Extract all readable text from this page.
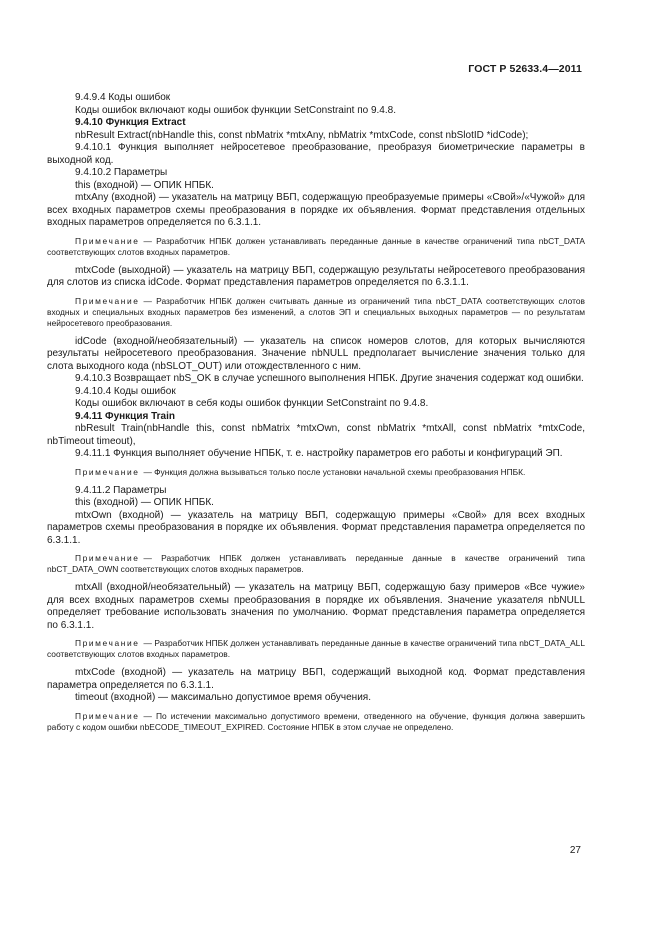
ГОСТ Р 52633.4—2011

9.4.9.4 Коды ошибок

Коды ошибок включают коды ошибок функции SetConstraint по 9.4.8.

9.4.10 Функция Extract

nbResult Extract(nbHandle this, const nbMatrix *mtxAny, nbMatrix *mtxCode, const nbSlotID *idCode);

9.4.10.1 Функция выполняет нейросетевое преобразование, преобразуя биометрические параметры в выходной код.

9.4.10.2 Параметры

this (входной) — ОПИК НПБК.

mtxAny (входной) — указатель на матрицу ВБП, содержащую преобразуемые примеры «Свой»/«Чужой» для всех входных параметров схемы преобразования в порядке их объявления. Формат представления отдельных входных параметров определяется по 6.3.1.1.

Примечание — Разработчик НПБК должен устанавливать переданные данные в качестве ограничений типа nbCT_DATA соответствующих слотов входных параметров.

mtxCode (выходной) — указатель на матрицу ВБП, содержащую результаты нейросетевого преобразования для слотов из списка idCode. Формат представления параметров определяется по 6.3.1.1.

Примечание — Разработчик НПБК должен считывать данные из ограничений типа nbCT_DATA соответствующих слотов входных и специальных входных параметров без изменений, а слотов ЭП и специальных выходных параметров — по результатам нейросетевого преобразования.

idCode (входной/необязательный) — указатель на список номеров слотов, для которых вычисляются результаты нейросетевого преобразования. Значение nbNULL предполагает вычисление значения только для слота выходного кода (nbSLOT_OUT) или отождествленного с ним.

9.4.10.3 Возвращает nbS_OK в случае успешного выполнения НПБК. Другие значения содержат код ошибки.

9.4.10.4 Коды ошибок

Коды ошибок включают в себя коды ошибок функции SetConstraint по 9.4.8.

9.4.11 Функция Train

nbResult Train(nbHandle this, const nbMatrix *mtxOwn, const nbMatrix *mtxAll, const nbMatrix *mtxCode, nbTimeout timeout),

9.4.11.1 Функция выполняет обучение НПБК, т. е. настройку параметров его работы и конфигураций ЭП.

Примечание — Функция должна вызываться только после установки начальной схемы преобразования НПБК.

9.4.11.2 Параметры

this (входной) — ОПИК НПБК.

mtxOwn (входной) — указатель на матрицу ВБП, содержащую примеры «Свой» для всех входных параметров схемы преобразования в порядке их объявления. Формат представления параметра определяется по 6.3.1.1.

Примечание — Разработчик НПБК должен устанавливать переданные данные в качестве ограничений типа nbCT_DATA_OWN соответствующих слотов входных параметров.

mtxAll (входной/необязательный) — указатель на матрицу ВБП, содержащую базу примеров «Все чужие» для всех входных параметров схемы преобразования в порядке их объявления. Значение указателя nbNULL определяет требование использовать значения по умолчанию. Формат представления параметра определяется по 6.3.1.1.

Примечание — Разработчик НПБК должен устанавливать переданные данные в качестве ограничений типа nbCT_DATA_ALL соответствующих слотов входных параметров.

mtxCode (входной) — указатель на матрицу ВБП, содержащий выходной код. Формат представления параметра определяется по 6.3.1.1.

timeout (входной) — максимально допустимое время обучения.

Примечание — По истечении максимально допустимого времени, отведенного на обучение, функция должна завершить работу с кодом ошибки nbECODE_TIMEOUT_EXPIRED. Состояние НПБК в этом случае не определено.

27
